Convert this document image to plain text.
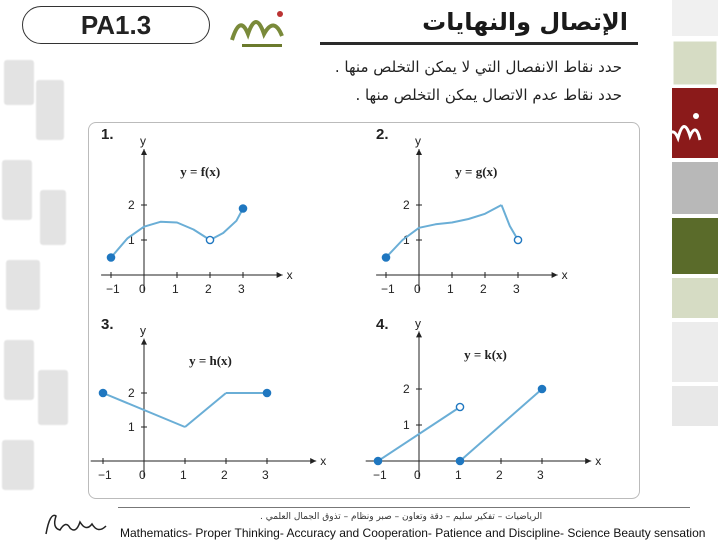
PA1.3	الإتصال والنهايات
حدد نقاط الانفصال التي لا يمكن التخلص منها .
حدد نقاط عدم الاتصال يمكن التخلص منها .
x
y
−1 0 1 2 3
1
2
1.
y = f(x)
x
y
−1 0 1 2 3
1
2
2.
y = g(x)
x
y
−1 0	1	2	3
1
2
3.
y = h(x)
x
y
−1 0	1	2	3
1
2
4.
y = k(x)
الرياضيات – تفكير سليم – دقة وتعاون – صبر ونظام – تذوق الجمال العلمي .
Mathematics- Proper Thinking- Accuracy and Cooperation- Patience and Discipline- Science Beauty sensation
